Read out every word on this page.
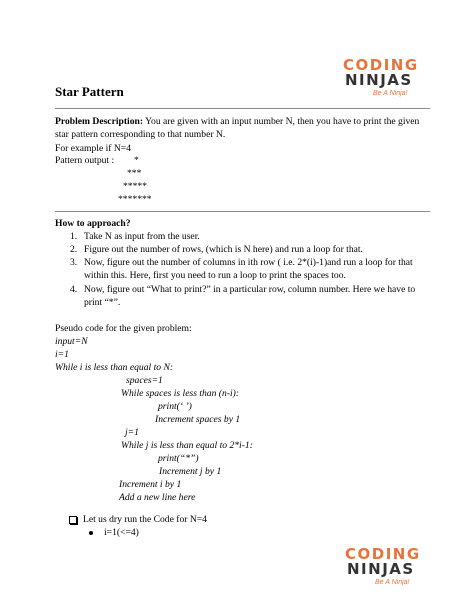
CODING
NINJAS
Be A Ninja!
Star Pattern
Problem Description: You are given with an input number N, then you have to print the given
star pattern corresponding to that number N.
For example if N=4
Pattern output : *
***
*****
*******
How to approach?
1. Take N as input from the user.
2. Figure out the number of rows, (which is N here) and run a loop for that.
3. Now, figure out the number of columns in ith row ( i.e. 2*(i)-1)and run a loop for that
within this. Here, first you need to run a loop to print the spaces too.
4. Now, figure out “What to print?” in a particular row, column number. Here we have to
print “*”.
Pseudo code for the given problem:
input=N
i=1
While i is less than equal to N:
spaces=1
While spaces is less than (n-i):
print(‘ ’)
Increment spaces by 1
j=1
While j is less than equal to 2*i-1:
print(“*”)
Increment j by 1
Increment i by 1
Add a new line here
Let us dry run the Code for N=4
i=1(<=4)
CODING
NINJAS
Be A Ninja!
